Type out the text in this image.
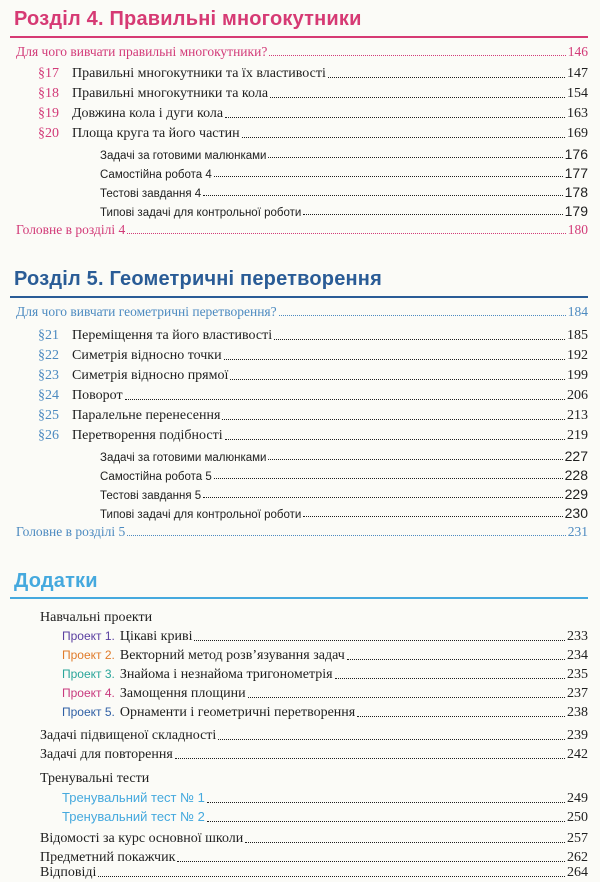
Розділ 4. Правильні многокутники
Для чого вивчати правильні многокутники?	146
§17 Правильні многокутники та їх властивості	147
§18 Правильні многокутники та кола	154
§19 Довжина кола і дуги кола	163
§20 Площа круга та його частин	169
Задачі за готовими малюнками	176
Самостійна робота 4	177
Тестові завдання 4	178
Типові задачі для контрольної роботи	179
Головне в розділі 4	180
Розділ 5. Геометричні перетворення
Для чого вивчати геометричні перетворення?	184
§21 Переміщення та його властивості	185
§22 Симетрія відносно точки	192
§23 Симетрія відносно прямої	199
§24 Поворот	206
§25 Паралельне перенесення	213
§26 Перетворення подібності	219
Задачі за готовими малюнками	227
Самостійна робота 5	228
Тестові завдання 5	229
Типові задачі для контрольної роботи	230
Головне в розділі 5	231
Додатки
Навчальні проекти
Проект 1. Цікаві криві	233
Проект 2. Векторний метод розв’язування задач	234
Проект 3. Знайома і незнайома тригонометрія	235
Проект 4. Замощення площини	237
Проект 5. Орнаменти і геометричні перетворення	238
Задачі підвищеної складності	239
Задачі для повторення	242
Тренувальні тести
Тренувальний тест № 1	249
Тренувальний тест № 2	250
Відомості за курс основної школи	257
Предметний покажчик	262
Відповіді	264
